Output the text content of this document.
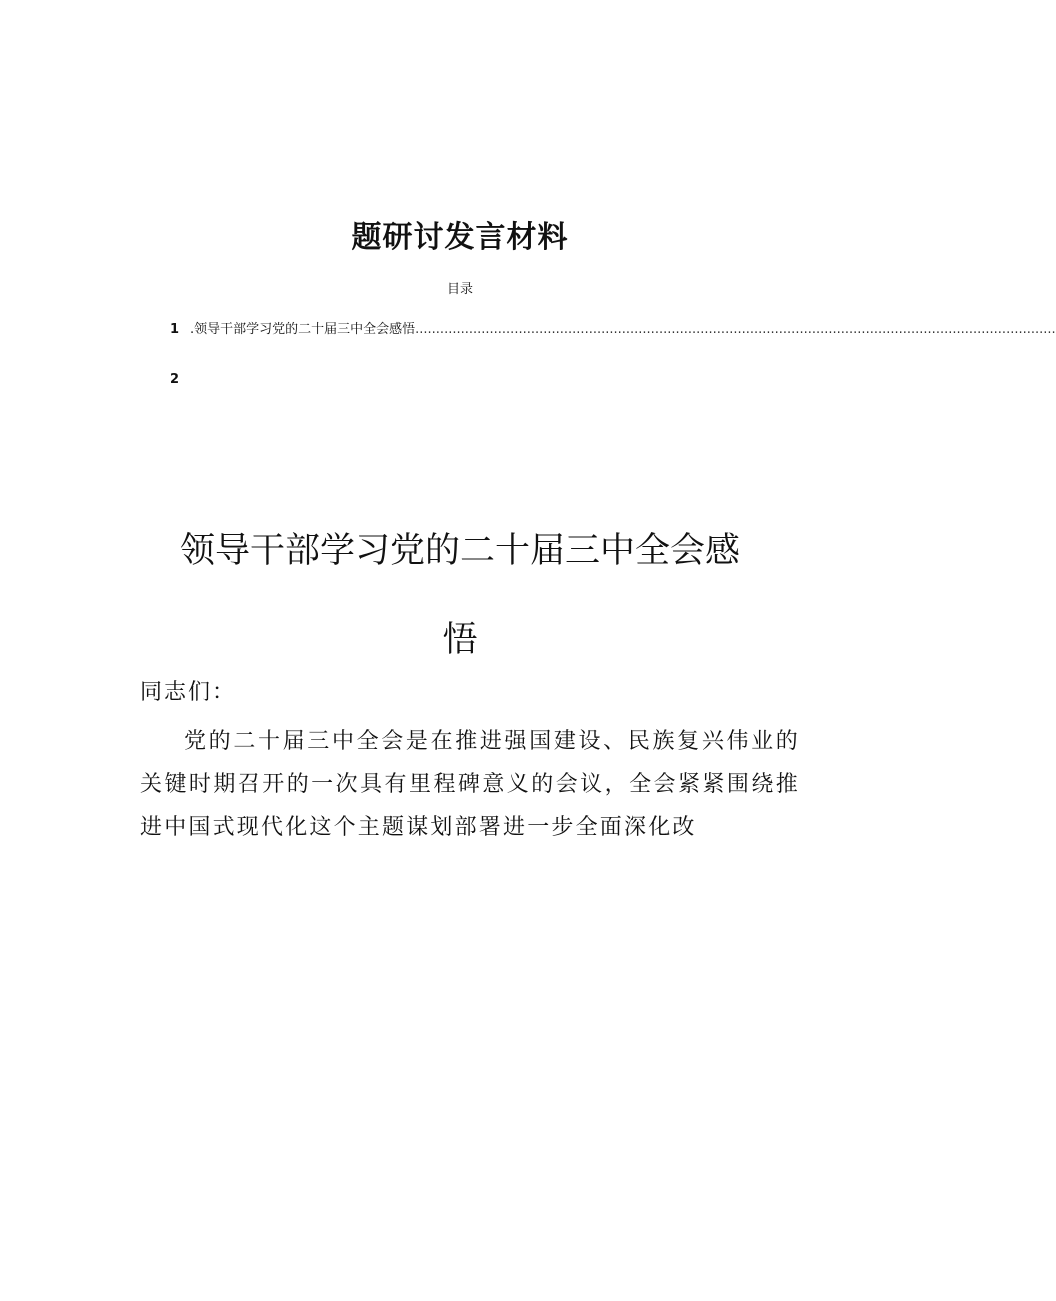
题研讨发言材料
目录
1 .领导干部学习党的二十届三中全会感悟 ...........................................................................................................................................................
2
领导干部学习党的二十届三中全会感
悟
同志们：
党的二十届三中全会是在推进强国建设、民族复兴伟业的关键时期召开的一次具有里程碑意义的会议，全会紧紧围绕推进中国式现代化这个主题谋划部署进一步全面深化改
